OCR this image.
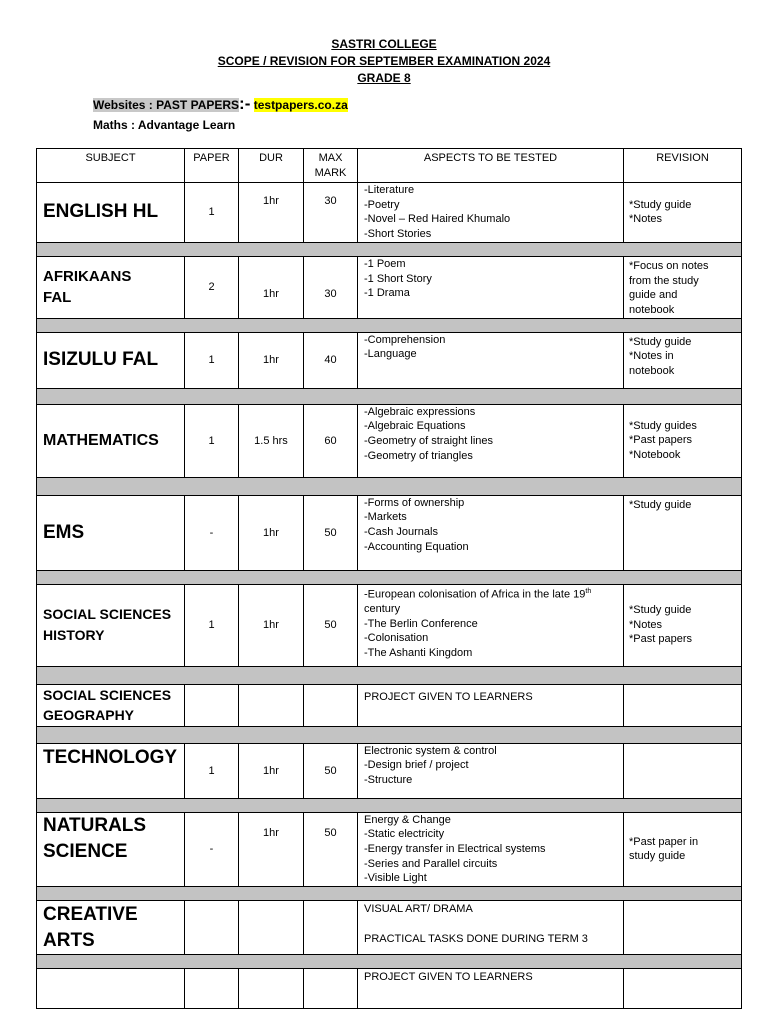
SASTRI COLLEGE
SCOPE / REVISION FOR SEPTEMBER EXAMINATION 2024
GRADE 8
Websites : PAST PAPERS:- testpapers.co.za
Maths : Advantage Learn
SUBJECT	PAPER	DUR	MAX MARK	ASPECTS TO BE TESTED	REVISION

ENGLISH HL	1	1hr	30	-Literature
-Poetry
-Novel – Red Haired Khumalo
-Short Stories	*Study guide
*Notes

AFRIKAANS
FAL	2	1hr	30	-1 Poem
-1 Short Story
-1 Drama	*Focus on notes
from the study
guide and
notebook

ISIZULU FAL	1	1hr	40	-Comprehension
-Language	*Study guide
*Notes in
notebook

MATHEMATICS	1	1.5 hrs	60	-Algebraic expressions
-Algebraic Equations
-Geometry of straight lines
-Geometry of triangles	*Study guides
*Past papers
*Notebook

EMS	-	1hr	50	-Forms of ownership
-Markets
-Cash Journals
-Accounting Equation	*Study guide

SOCIAL SCIENCES
HISTORY	1	1hr	50	-European colonisation of Africa in the late 19th
century
-The Berlin Conference
-Colonisation
-The Ashanti Kingdom	*Study guide
*Notes
*Past papers

SOCIAL SCIENCES
GEOGRAPHY				PROJECT GIVEN TO LEARNERS	

TECHNOLOGY	1	1hr	50	Electronic system & control
-Design brief / project
-Structure	

NATURALS
SCIENCE	-	1hr	50	Energy & Change
-Static electricity
-Energy transfer in Electrical systems
-Series and Parallel circuits
-Visible Light	*Past paper in
study guide

CREATIVE
ARTS				VISUAL ART/ DRAMA
PRACTICAL TASKS DONE DURING TERM 3	

				PROJECT GIVEN TO LEARNERS	
